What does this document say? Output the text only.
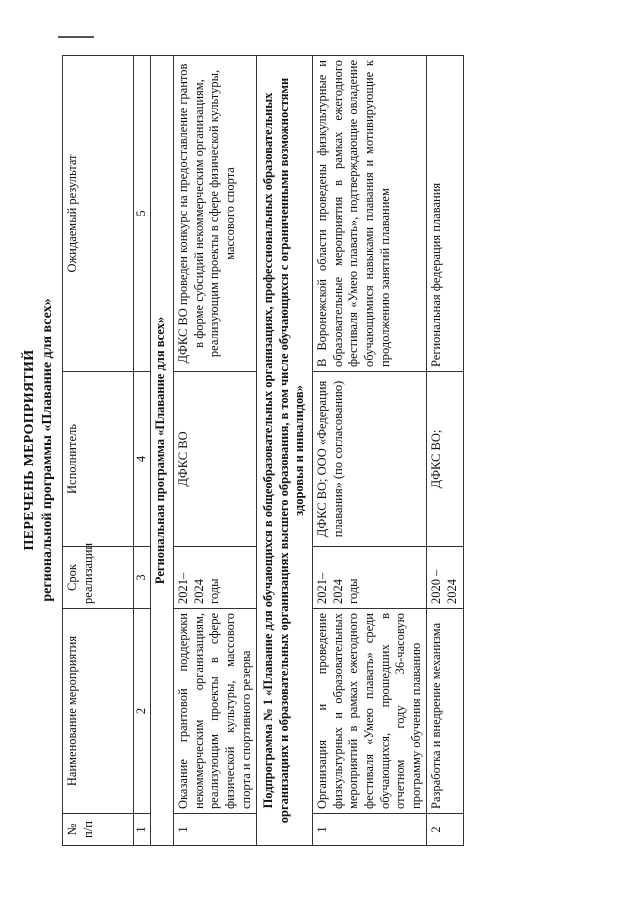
ПЕРЕЧЕНЬ МЕРОПРИЯТИЙ региональной программы «Плавание для всех»
№ п/п	Наименование мероприятия	Срок реализации	Исполнитель	Ожидаемый результат
1	2	3	4	5
Региональная программа «Плавание для всех»				
1	Оказание грантовой поддержки некоммерческим организациям, реализующим проекты в сфере физической культуры, массового спорта и спортивного резерва	2021–2024 годы	ДФКС ВО	ДФКС ВО проведен конкурс на предоставление грантов в форме субсидий некоммерческим организациям, реализующим проекты в сфере физической культуры, массового спорта
Подпрограмма № 1 «Плавание для обучающихся в общеобразовательных организациях, профессиональных образовательных организациях и образовательных организациях высшего образования, в том числе обучающихся с ограниченными возможностями здоровья и инвалидов»				
1	Организация и проведение физкультурных и образовательных мероприятий в рамках ежегодного фестиваля «Умею плавать» среди обучающихся, прошедших в отчетном году 36-часовую программу обучения плаванию	2021–2024 годы	ДФКС ВО; ООО «Федерация плавания» (по согласованию)	В Воронежской области проведены физкультурные и образовательные мероприятия в рамках ежегодного фестиваля «Умею плавать», подтверждающие овладение обучающимися навыками плавания и мотивирующие к продолжению занятий плаванием
2	Разработка и внедрение механизма	2020 –2024	ДФКС ВО;	Региональная федерация плавания
